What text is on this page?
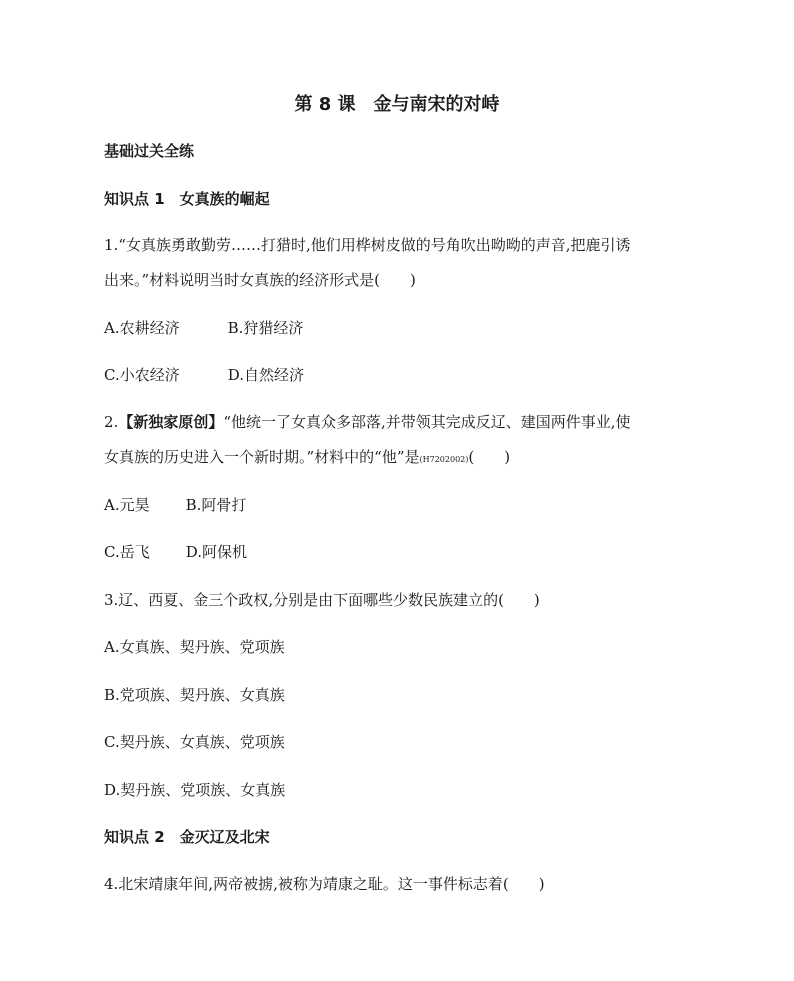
第 8 课　金与南宋的对峙
基础过关全练
知识点 1　女真族的崛起
1.“女真族勇敢勤劳……打猎时,他们用桦树皮做的号角吹出呦呦的声音,把鹿引诱
出来。”材料说明当时女真族的经济形式是(　　)
A.农耕经济	B.狩猎经济
C.小农经济	D.自然经济
2.【新独家原创】“他统一了女真众多部落,并带领其完成反辽、建国两件事业,使
女真族的历史进入一个新时期。”材料中的“他”是(H7202002)(　　)
A.元昊 B.阿骨打
C.岳飞 D.阿保机
3.辽、西夏、金三个政权,分别是由下面哪些少数民族建立的(　　)
A.女真族、契丹族、党项族
B.党项族、契丹族、女真族
C.契丹族、女真族、党项族
D.契丹族、党项族、女真族
知识点 2　金灭辽及北宋
4.北宋靖康年间,两帝被掳,被称为靖康之耻。这一事件标志着(　　)
